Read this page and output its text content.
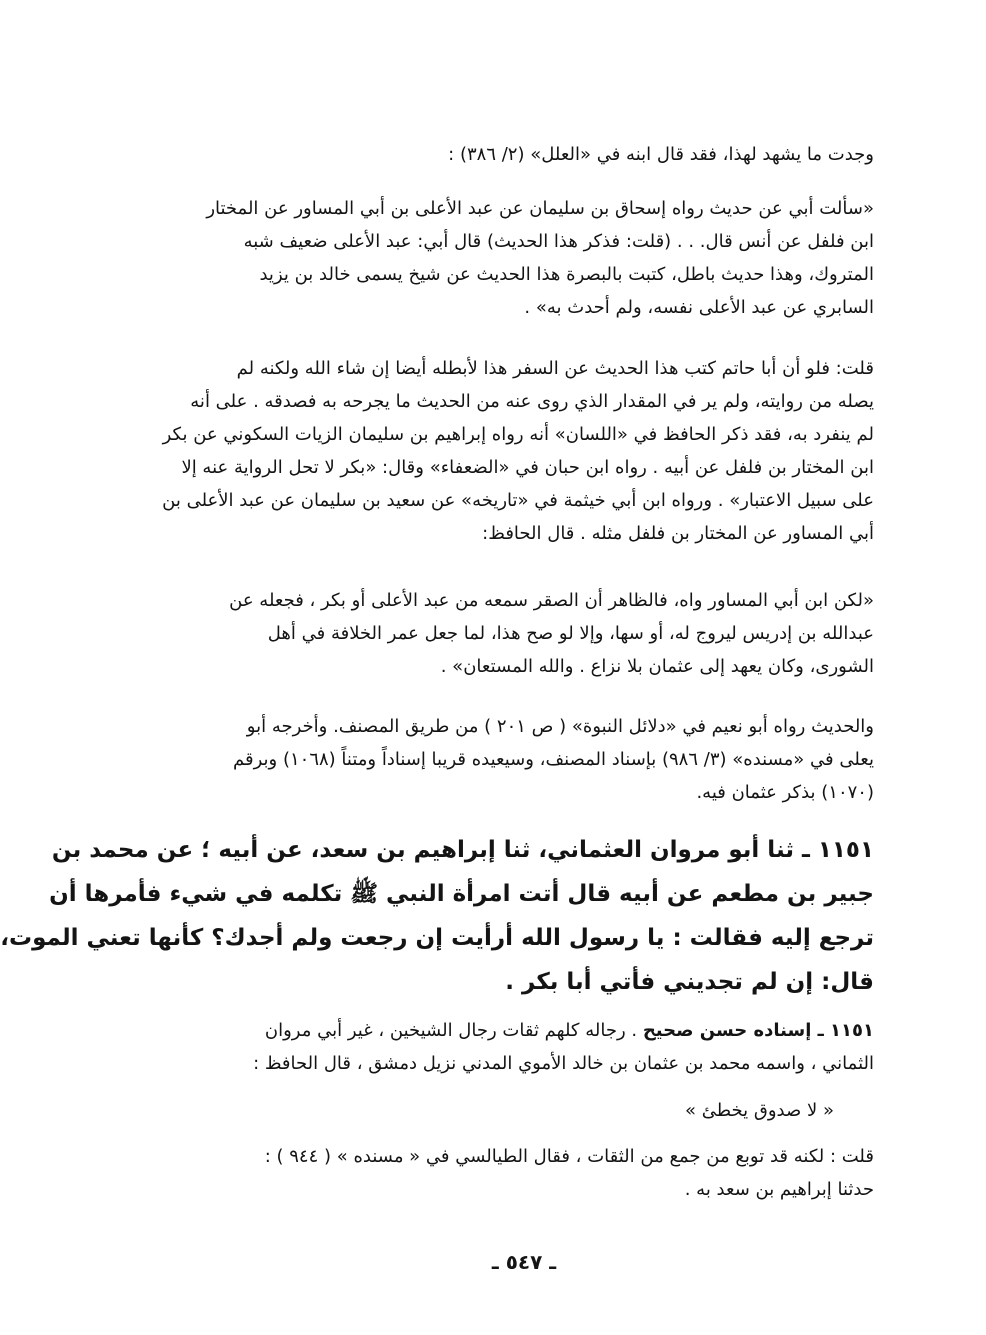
وجدت ما يشهد لهذا، فقد قال ابنه في «العلل» (٢/ ٣٨٦) :
«سألت أبي عن حديث رواه إسحاق بن سليمان عن عبد الأعلى بن أبي المساور عن المختار
ابن فلفل عن أنس قال. . . (قلت: فذكر هذا الحديث) قال أبي: عبد الأعلى ضعيف شبه
المتروك، وهذا حديث باطل، كتبت بالبصرة هذا الحديث عن شيخ يسمى خالد بن يزيد
السابري عن عبد الأعلى نفسه، ولم أحدث به» .
قلت: فلو أن أبا حاتم كتب هذا الحديث عن السفر هذا لأبطله أيضا إن شاء الله ولكنه لم
يصله من روايته، ولم ير في المقدار الذي روى عنه من الحديث ما يجرحه به فصدقه . على أنه
لم ينفرد به، فقد ذكر الحافظ في «اللسان» أنه رواه إبراهيم بن سليمان الزيات السكوني عن بكر
ابن المختار بن فلفل عن أبيه . رواه ابن حبان في «الضعفاء» وقال: «بكر لا تحل الرواية عنه إلا
على سبيل الاعتبار» . ورواه ابن أبي خيثمة في «تاريخه» عن سعيد بن سليمان عن عبد الأعلى بن
أبي المساور عن المختار بن فلفل مثله . قال الحافظ:
«لكن ابن أبي المساور واه، فالظاهر أن الصقر سمعه من عبد الأعلى أو بكر ، فجعله عن
عبدالله بن إدريس ليروج له، أو سها، وإلا لو صح هذا، لما جعل عمر الخلافة في أهل
الشورى، وكان يعهد إلى عثمان بلا نزاع . والله المستعان» .
والحديث رواه أبو نعيم في «دلائل النبوة» ( ص ٢٠١ ) من طريق المصنف. وأخرجه أبو
يعلى في «مسنده» (٣/ ٩٨٦) بإسناد المصنف، وسيعيده قريبا إسناداً ومتناً (١٠٦٨) وبرقم
(١٠٧٠) بذكر عثمان فيه.
١١٥١ ـ ثنا أبو مروان العثماني، ثنا إبراهيم بن سعد، عن أبيه ؛ عن محمد بن
جبير بن مطعم عن أبيه قال أتت امرأة النبي ﷺ تكلمه في شيء فأمرها أن
ترجع إليه فقالت : يا رسول الله أرأيت إن رجعت ولم أجدك؟ كأنها تعني الموت،
قال: إن لم تجديني فأتي أبا بكر .
١١٥١ ـ إسناده حسن صحيح . رجاله كلهم ثقات رجال الشيخين ، غير أبي مروان
الثماني ، واسمه محمد بن عثمان بن خالد الأموي المدني نزيل دمشق ، قال الحافظ :
« لا صدوق يخطئ »
قلت : لكنه قد توبع من جمع من الثقات ، فقال الطيالسي في « مسنده » ( ٩٤٤ ) :
حدثنا إبراهيم بن سعد به .
ـ ٥٤٧ ـ
